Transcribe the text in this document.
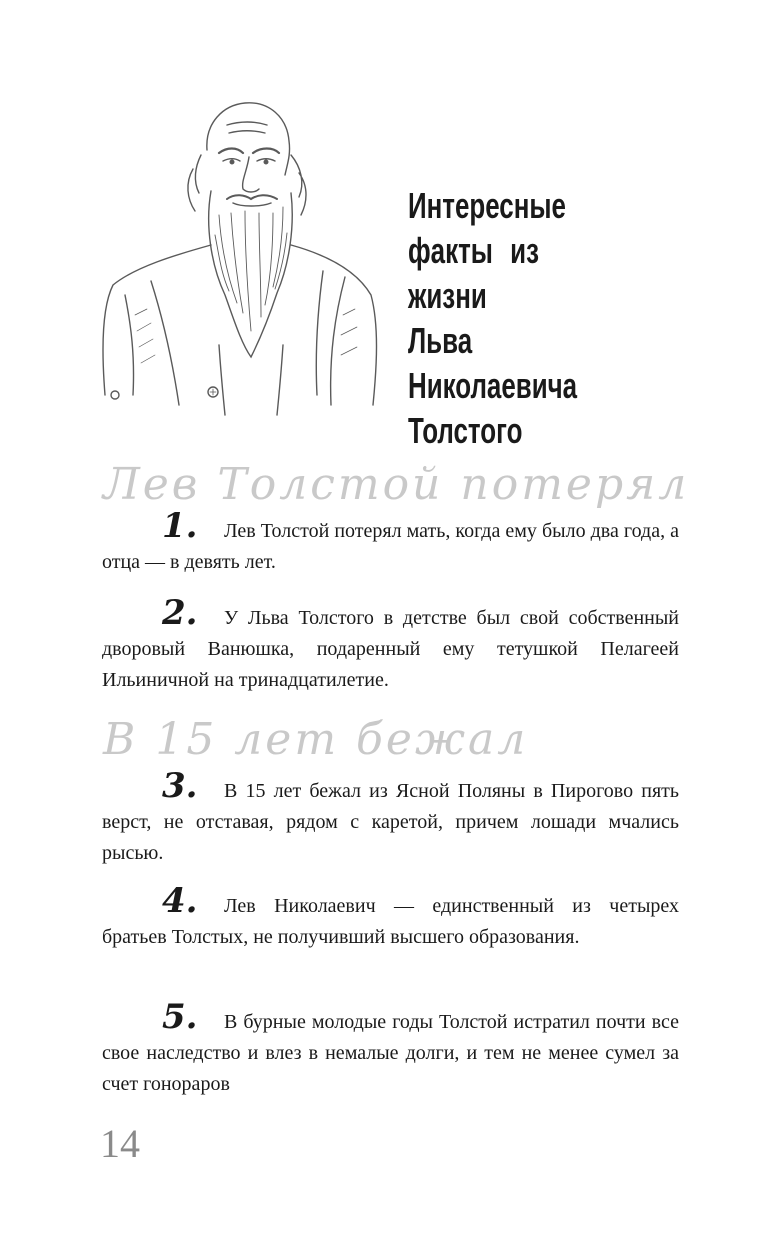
Интересные
факты из жизни
Льва Николаевича
Толстого
Лев Толстой потерял
1. Лев Толстой потерял мать, когда ему было два года, а отца — в девять лет.
2. У Льва Толстого в детстве был свой собственный дворовый Ванюшка, подаренный ему тетушкой Пелагеей Ильиничной на тринадцатилетие.
В 15 лет бежал
3. В 15 лет бежал из Ясной Поляны в Пирогово пять верст, не отставая, рядом с каретой, причем лошади мчались рысью.
4. Лев Николаевич — единственный из четырех братьев Толстых, не получивший высшего образования.
5. В бурные молодые годы Толстой истратил почти все свое наследство и влез в немалые долги, и тем не менее сумел за счет гонораров
14
